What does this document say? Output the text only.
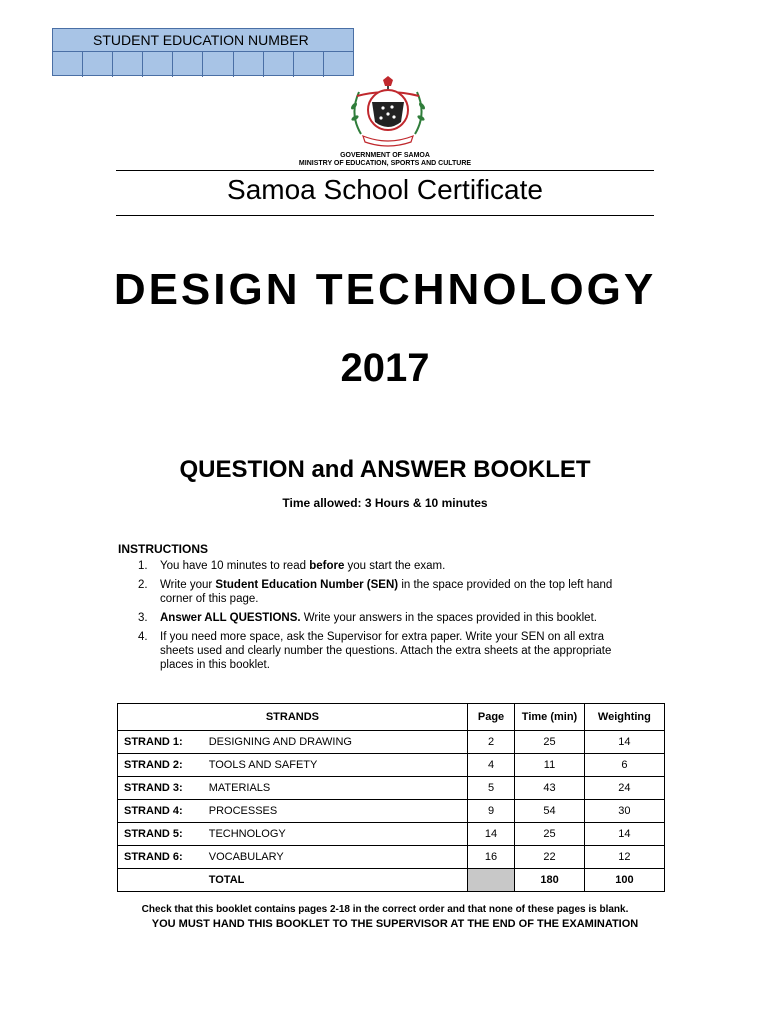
STUDENT EDUCATION NUMBER
GOVERNMENT OF SAMOA
MINISTRY OF EDUCATION, SPORTS AND CULTURE
Samoa School Certificate
DESIGN TECHNOLOGY
2017
QUESTION and ANSWER BOOKLET
Time allowed: 3 Hours & 10 minutes
INSTRUCTIONS
1.	You have 10 minutes to read before you start the exam.
2.	Write your Student Education Number (SEN) in the space provided on the top left hand corner of this page.
3.	Answer ALL QUESTIONS. Write your answers in the spaces provided in this booklet.
4.	If you need more space, ask the Supervisor for extra paper. Write your SEN on all extra sheets used and clearly number the questions. Attach the extra sheets at the appropriate places in this booklet.
STRANDS		Page	Time (min)	Weighting
STRAND 1:	DESIGNING AND DRAWING	2	25	14
STRAND 2:	TOOLS AND SAFETY	4	11	6
STRAND 3:	MATERIALS	5	43	24
STRAND 4:	PROCESSES	9	54	30
STRAND 5:	TECHNOLOGY	14	25	14
STRAND 6:	VOCABULARY	16	22	12
	TOTAL		180	100
Check that this booklet contains pages 2-18 in the correct order and that none of these pages is blank.
YOU MUST HAND THIS BOOKLET TO THE SUPERVISOR AT THE END OF THE EXAMINATION
